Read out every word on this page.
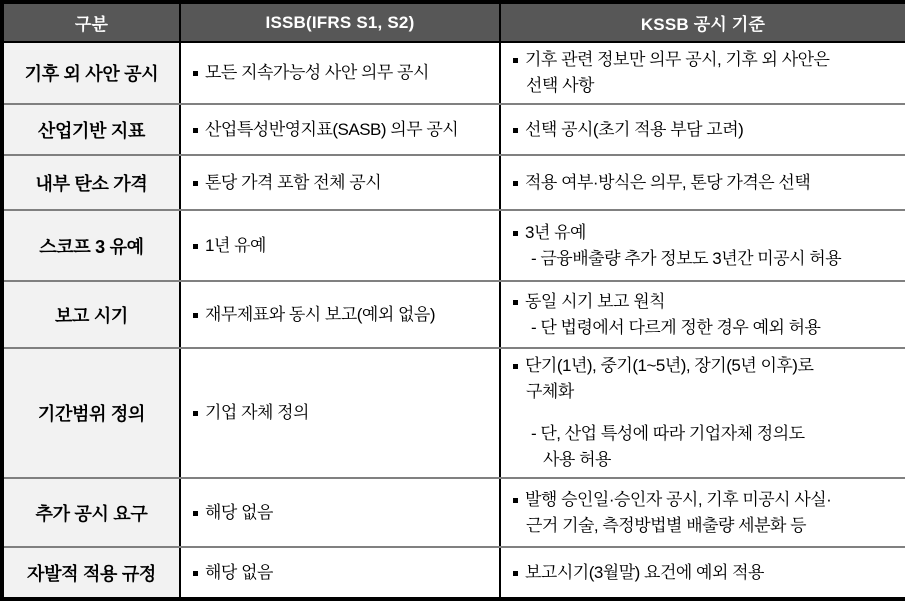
구분	ISSB(IFRS S1, S2)	KSSB 공시 기준
기후 외 사안 공시	모든 지속가능성 사안 의무 공시	기후 관련 정보만 의무 공시, 기후 외 사안은
선택 사항

산업기반 지표	산업특성반영지표(SASB) 의무 공시	선택 공시(초기 적용 부담 고려)

내부 탄소 가격	톤당 가격 포함 전체 공시	적용 여부·방식은 의무, 톤당 가격은 선택

스코프 3 유예	1년 유예	3년 유예
- 금융배출량 추가 정보도 3년간 미공시 허용

보고 시기	재무제표와 동시 보고(예외 없음)	동일 시기 보고 원칙
- 단 법령에서 다르게 정한 경우 예외 허용

기간범위 정의	기업 자체 정의	단기(1년), 중기(1~5년), 장기(5년 이후)로
구체화
- 단, 산업 특성에 따라 기업자체 정의도
사용 허용

추가 공시 요구	해당 없음	발행 승인일·승인자 공시, 기후 미공시 사실·
근거 기술, 측정방법별 배출량 세분화 등

자발적 적용 규정	해당 없음	보고시기(3월말) 요건에 예외 적용
